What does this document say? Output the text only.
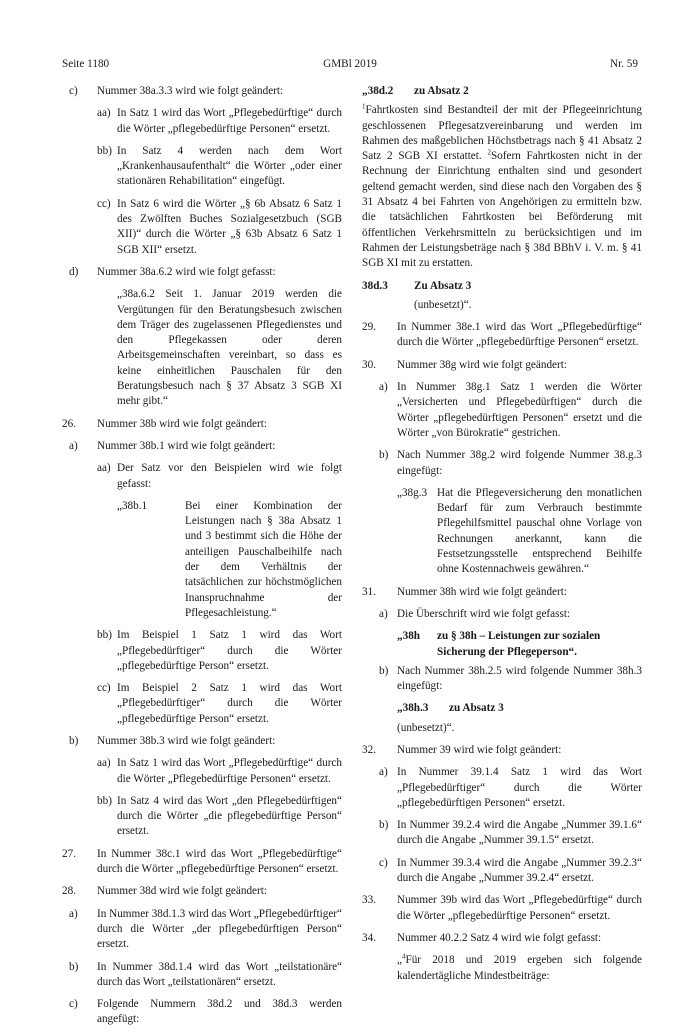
Seite 1180	GMBl 2019	Nr. 59
c) Nummer 38a.3.3 wird wie folgt geändert:
aa) In Satz 1 wird das Wort „Pflegebedürftige“ durch die Wörter „pflegebedürftige Personen“ ersetzt.
bb) In Satz 4 werden nach dem Wort „Krankenhausaufenthalt“ die Wörter „oder einer stationären Rehabilitation“ eingefügt.
cc) In Satz 6 wird die Wörter „§ 6b Absatz 6 Satz 1 des Zwölften Buches Sozialgesetzbuch (SGB XII)“ durch die Wörter „§ 63b Absatz 6 Satz 1 SGB XII“ ersetzt.
d) Nummer 38a.6.2 wird wie folgt gefasst:
„38a.6.2 Seit 1. Januar 2019 werden die Vergütungen für den Beratungsbesuch zwischen dem Träger des zugelassenen Pflegedienstes und den Pflegekassen oder deren Arbeitsgemeinschaften vereinbart, so dass es keine einheitlichen Pauschalen für den Beratungsbesuch nach § 37 Absatz 3 SGB XI mehr gibt.“
26. Nummer 38b wird wie folgt geändert:
a) Nummer 38b.1 wird wie folgt geändert:
aa) Der Satz vor den Beispielen wird wie folgt gefasst:
„38b.1	Bei einer Kombination der Leistungen nach § 38a Absatz 1 und 3 bestimmt sich die Höhe der anteiligen Pauschalbeihilfe nach der dem Verhältnis der tatsächlichen zur höchstmöglichen Inanspruchnahme der Pflegesachleistung.“
bb) Im Beispiel 1 Satz 1 wird das Wort „Pflegebedürftiger“ durch die Wörter „pflegebedürftige Person“ ersetzt.
cc) Im Beispiel 2 Satz 1 wird das Wort „Pflegebedürftiger“ durch die Wörter „pflegebedürftige Person“ ersetzt.
b) Nummer 38b.3 wird wie folgt geändert:
aa) In Satz 1 wird das Wort „Pflegebedürftige“ durch die Wörter „Pflegebedürftige Personen“ ersetzt.
bb) In Satz 4 wird das Wort „den Pflegebedürftigen“ durch die Wörter „die pflegebedürftige Person“ ersetzt.
27. In Nummer 38c.1 wird das Wort „Pflegebedürftige“ durch die Wörter „pflegebedürftige Personen“ ersetzt.
28. Nummer 38d wird wie folgt geändert:
a) In Nummer 38d.1.3 wird das Wort „Pflegebedürftiger“ durch die Wörter „der pflegebedürftigen Person“ ersetzt.
b) In Nummer 38d.1.4 wird das Wort „teilstationäre“ durch das Wort „teilstationären“ ersetzt.
c) Folgende Nummern 38d.2 und 38d.3 werden angefügt:
„38d.2	zu Absatz 2
$^1$Fahrtkosten sind Bestandteil der mit der Pflegeeinrichtung geschlossenen Pflegesatzvereinbarung und werden im Rahmen des maßgeblichen Höchstbetrags nach § 41 Absatz 2 Satz 2 SGB XI erstattet. $^2$Sofern Fahrtkosten nicht in der Rechnung der Einrichtung enthalten sind und gesondert geltend gemacht werden, sind diese nach den Vorgaben des § 31 Absatz 4 bei Fahrten von Angehörigen zu ermitteln bzw. die tatsächlichen Fahrtkosten bei Beförderung mit öffentlichen Verkehrsmitteln zu berücksichtigen und im Rahmen der Leistungsbeträge nach § 38d BBhV i. V. m. § 41 SGB XI mit zu erstatten.
38d.3	Zu Absatz 3
(unbesetzt)“.
29. In Nummer 38e.1 wird das Wort „Pflegebedürftige“ durch die Wörter „pflegebedürftige Personen“ ersetzt.
30. Nummer 38g wird wie folgt geändert:
a) In Nummer 38g.1 Satz 1 werden die Wörter „Versicherten und Pflegebedürftigen“ durch die Wörter „pflegebedürftigen Personen“ ersetzt und die Wörter „von Bürokratie“ gestrichen.
b) Nach Nummer 38g.2 wird folgende Nummer 38.g.3 eingefügt:
„38g.3 Hat die Pflegeversicherung den monatlichen Bedarf für zum Verbrauch bestimmte Pflegehilfsmittel pauschal ohne Vorlage von Rechnungen anerkannt, kann die Festsetzungsstelle entsprechend Beihilfe ohne Kostennachweis gewähren.“
31. Nummer 38h wird wie folgt geändert:
a) Die Überschrift wird wie folgt gefasst:
„38h	zu § 38h – Leistungen zur sozialen Sicherung der Pflegeperson“.
b) Nach Nummer 38h.2.5 wird folgende Nummer 38h.3 eingefügt:
„38h.3	zu Absatz 3
(unbesetzt)“.
32. Nummer 39 wird wie folgt geändert:
a) In Nummer 39.1.4 Satz 1 wird das Wort „Pflegebedürftiger“ durch die Wörter „pflegebedürftigen Personen“ ersetzt.
b) In Nummer 39.2.4 wird die Angabe „Nummer 39.1.6“ durch die Angabe „Nummer 39.1.5“ ersetzt.
c) In Nummer 39.3.4 wird die Angabe „Nummer 39.2.3“ durch die Angabe „Nummer 39.2.4“ ersetzt.
33. Nummer 39b wird das Wort „Pflegebedürftige“ durch die Wörter „pflegebedürftige Personen“ ersetzt.
34. Nummer 40.2.2 Satz 4 wird wie folgt gefasst:
„$^4$Für 2018 und 2019 ergeben sich folgende kalendertägliche Mindestbeiträge:
